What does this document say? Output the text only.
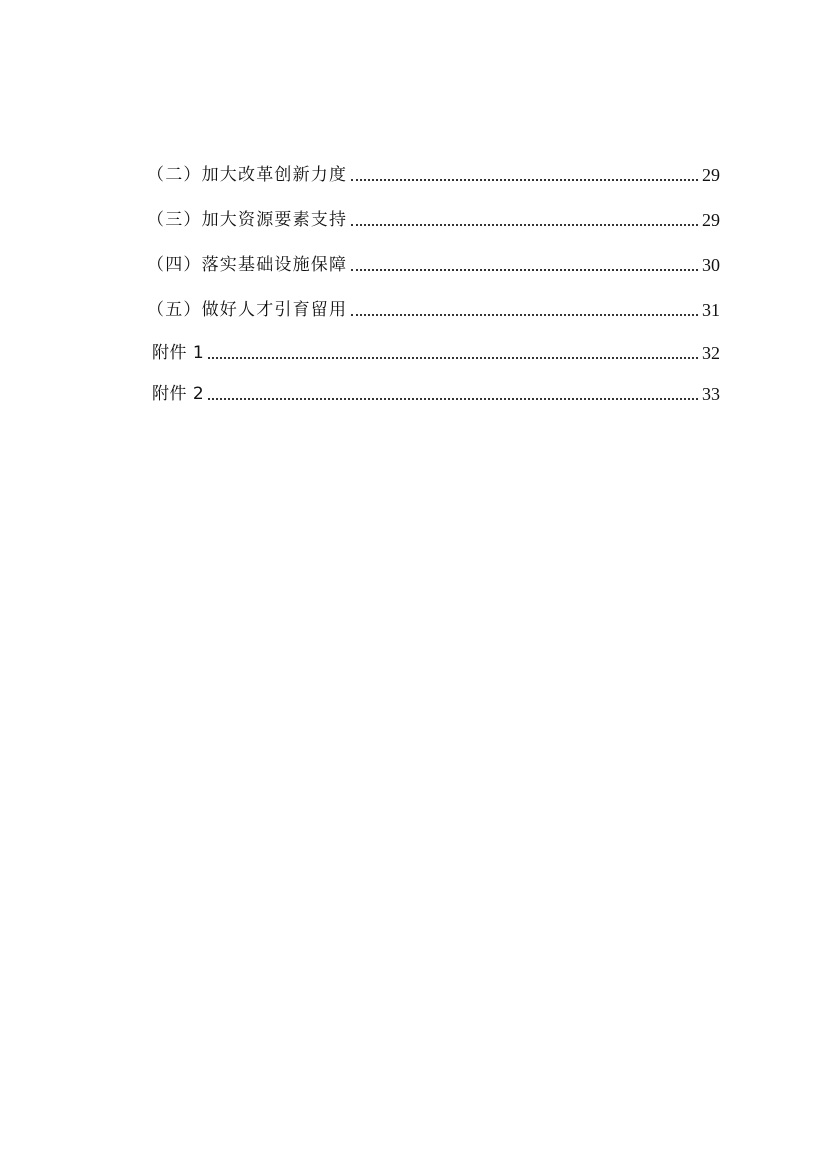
（二）加大改革创新力度	29
（三）加大资源要素支持	29
（四）落实基础设施保障	30
（五）做好人才引育留用	31
附件 1	32
附件 2	33
